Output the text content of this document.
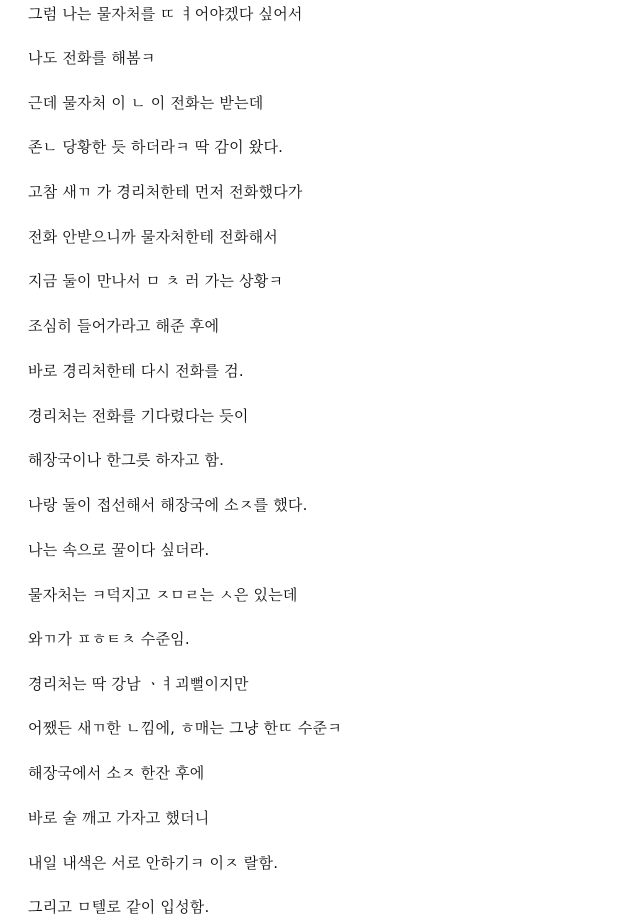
그럼 나는 물자처를 ㄸ ㅕ어야겠다 싶어서

나도 전화를 해봄ㅋ

근데 물자처 이 ㄴ 이 전화는 받는데

존ㄴ 당황한 듯 하더라ㅋ 딱 감이 왔다.

고참 새ㄲ 가 경리처한테 먼저 전화했다가

전화 안받으니까 물자처한테 전화해서

지금 둘이 만나서 ㅁ ㅊ 러 가는 상황ㅋ

조심히 들어가라고 해준 후에

바로 경리처한테 다시 전화를 검.

경리처는 전화를 기다렸다는 듯이

해장국이나 한그릇 하자고 함.

나랑 둘이 접선해서 해장국에 소ㅈ를 했다.

나는 속으로 꿀이다 싶더라.

물자처는 ㅋ덕지고 ㅈㅁㄹ는 ㅅ은 있는데

와ㄲ가 ㅍㅎㅌㅊ 수준임.

경리처는 딱 강남 ㆍㅕ괴뻘이지만

어쨌든 새ㄲ한 ㄴ낌에, ㅎ매는 그냥 한ㄸ 수준ㅋ

해장국에서 소ㅈ 한잔 후에

바로 술 깨고 가자고 했더니

내일 내색은 서로 안하기ㅋ 이ㅈ 랄함.

그리고 ㅁ텔로 같이 입성함.
